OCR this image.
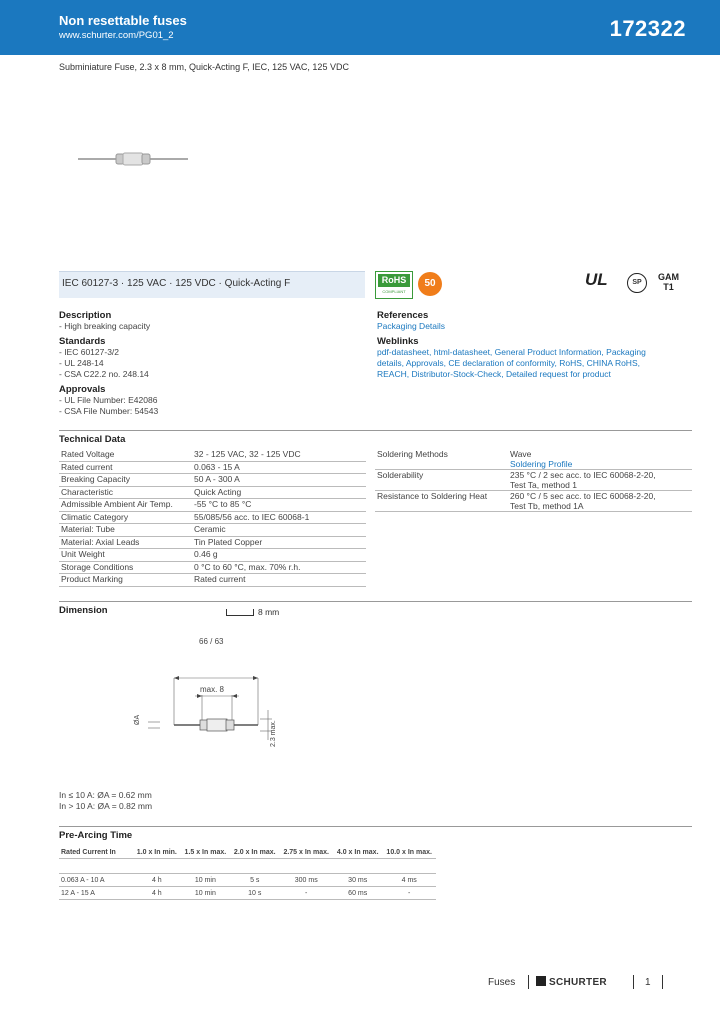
Non resettable fuses
www.schurter.com/PG01_2	172322
Subminiature Fuse, 2.3 x 8 mm, Quick-Acting F, IEC, 125 VAC, 125 VDC
IEC 60127-3 · 125 VAC · 125 VDC · Quick-Acting F	RoHS
COMPLIANT
50	UL	SP
GAM
T1
Description
- High breaking capacity
Standards
- IEC 60127-3/2
- UL 248-14
- CSA C22.2 no. 248.14
Approvals
- UL File Number: E42086
- CSA File Number: 54543
References
Packaging Details
Weblinks
pdf-datasheet, html-datasheet, General Product Information, Packaging
details, Approvals, CE declaration of conformity, RoHS, CHINA RoHS,
REACH, Distributor-Stock-Check, Detailed request for product
Technical Data
Rated Voltage	32 - 125 VAC, 32 - 125 VDC
Rated current	0.063 - 15 A
Breaking Capacity	50 A - 300 A
Characteristic	Quick Acting
Admissible Ambient Air Temp.	-55 °C to 85 °C
Climatic Category	55/085/56 acc. to IEC 60068-1
Material: Tube	Ceramic
Material: Axial Leads	Tin Plated Copper
Unit Weight	0.46 g
Storage Conditions	0 °C to 60 °C, max. 70% r.h.
Product Marking	Rated current
Soldering Methods	Wave
Soldering Profile

Solderability	235 °C / 2 sec acc. to IEC 60068-2-20,
Test Ta, method 1

Resistance to Soldering Heat	260 °C / 5 sec acc. to IEC 60068-2-20,
Test Tb, method 1A
Dimension	8 mm
66 / 63
max. 8
ØA
2.3 max.
In ≤ 10 A: ØA = 0.62 mm
In > 10 A: ØA = 0.82 mm
Pre-Arcing Time
Rated Current In	1.0 x In min.	1.5 x In max.	2.0 x In max.	2.75 x In max.	4.0 x In max.	10.0 x In max.

0.063 A - 10 A	4 h	10 min	5 s	300 ms	30 ms	4 ms
12 A - 15 A	4 h	10 min	10 s	-	60 ms	-
Fuses	SCHURTER	1
